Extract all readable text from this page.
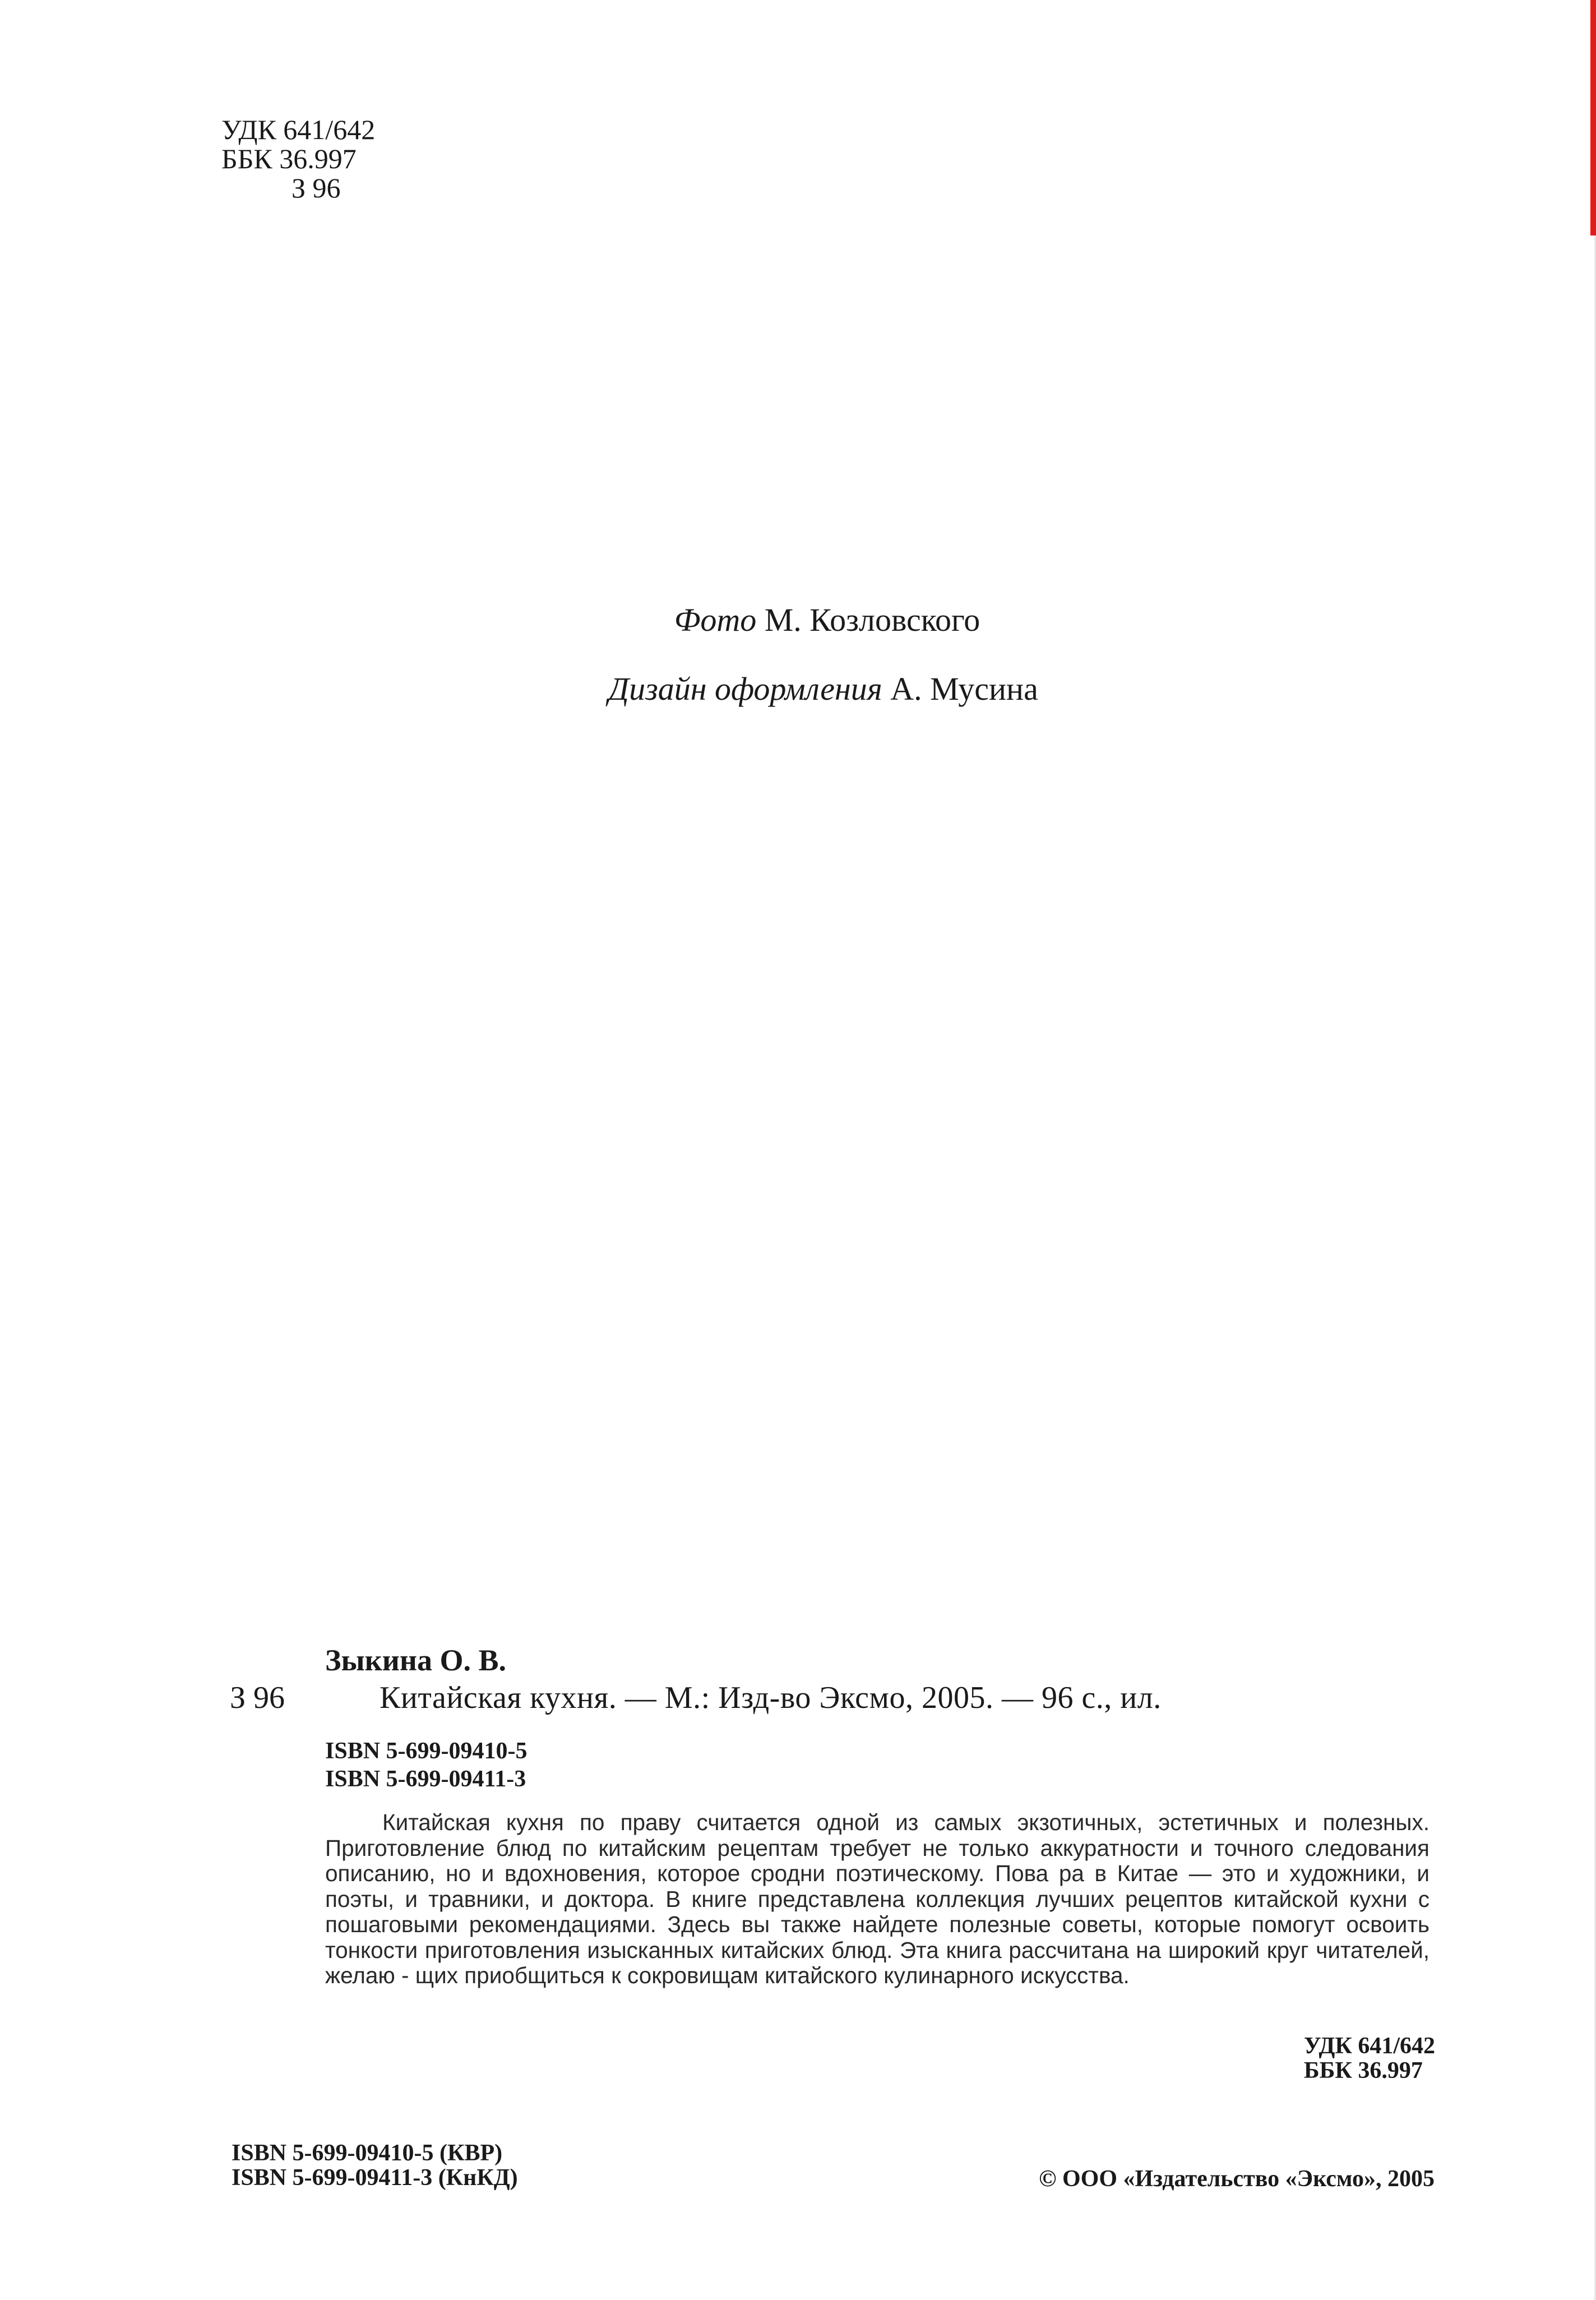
УДК 641/642
ББК 36.997
З 96
Фото М. Козловского
Дизайн оформления А. Мусина
Зыкина О. В.
З 96	Китайская кухня. — М.: Изд-во Эксмо, 2005. — 96 с., ил.
ISBN 5-699-09410-5
ISBN 5-699-09411-3
Китайская кухня по праву считается одной из самых экзотичных, эстетичных и полезных. Приготовление блюд по китайским рецептам требует не только аккуратности и точного следования описанию, но и вдохновения, которое сродни поэтическому. Пова ра в Китае — это и художники, и поэты, и травники, и доктора. В книге представлена коллекция лучших рецептов китайской кухни с пошаговыми рекомендациями. Здесь вы также найдете полезные советы, которые помогут освоить тонкости приготовления изысканных китайских блюд. Эта книга рассчитана на широкий круг читателей, желаю - щих приобщиться к сокровищам китайского кулинарного искусства.
УДК 641/642
ББК 36.997
ISBN 5-699-09410-5 (КВР)
ISBN 5-699-09411-3 (КнКД)	© ООО «Издательство «Эксмо», 2005
